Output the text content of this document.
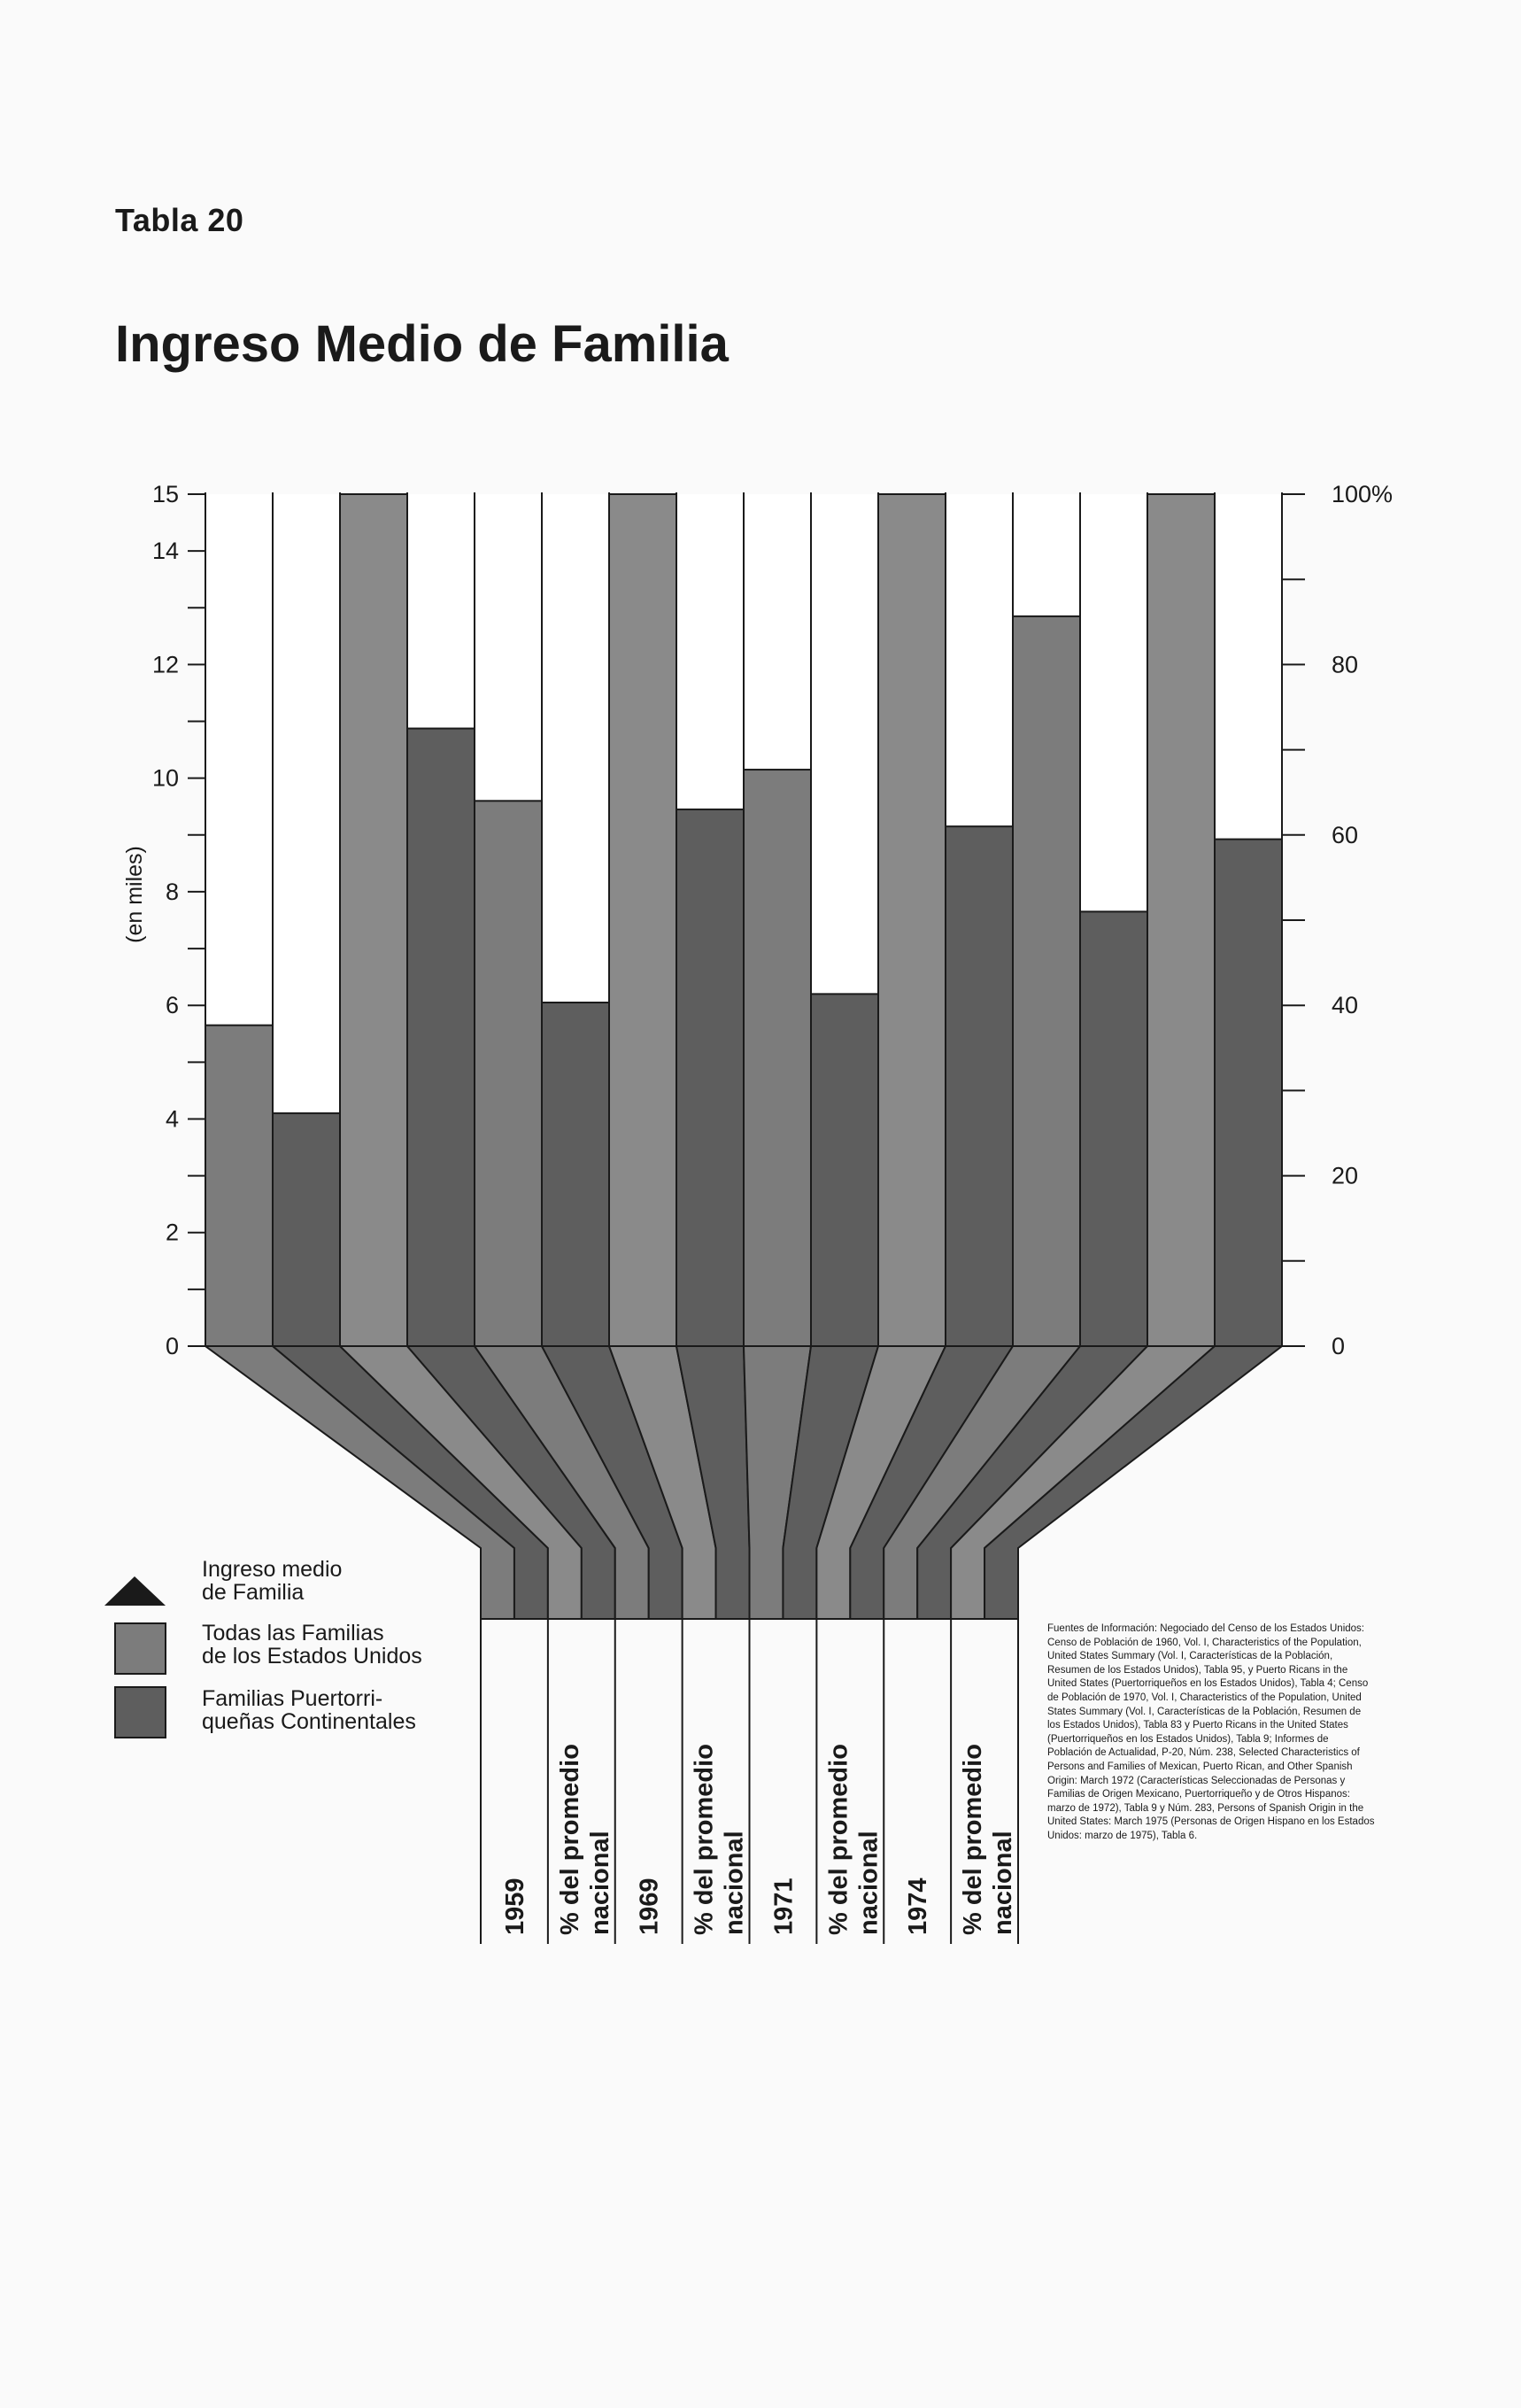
Tabla 20
Ingreso Medio de Familia
0
2
4
6
8
10
12
14
15
(en miles)
0
20
40
60
80
100%
1959 % del promedio nacional 1969 % del promedio nacional 1971 % del promedio nacional 1974 % del promedio nacional
Ingreso medio
de Familia
Todas las Familias
de los Estados Unidos
Familias Puertorri-
queñas Continentales
Fuentes de Información: Negociado del Censo de los Estados Unidos: Censo de Población de 1960, Vol. I, Characteristics of the Population, United States Summary (Vol. I, Características de la Población, Resumen de los Estados Unidos), Tabla 95, y Puerto Ricans in the United States (Puertorriqueños en los Estados Unidos), Tabla 4; Censo de Población de 1970, Vol. I, Characteristics of the Population, United States Summary (Vol. I, Características de la Población, Resumen de los Estados Unidos), Tabla 83 y Puerto Ricans in the United States (Puertorriqueños en los Estados Unidos), Tabla 9; Informes de Población de Actualidad, P-20, Núm. 238, Selected Characteristics of Persons and Families of Mexican, Puerto Rican, and Other Spanish Origin: March 1972 (Características Seleccionadas de Personas y Familias de Origen Mexicano, Puertorriqueño y de Otros Hispanos: marzo de 1972), Tabla 9 y Núm. 283, Persons of Spanish Origin in the United States: March 1975 (Personas de Origen Hispano en los Estados Unidos: marzo de 1975), Tabla 6.
